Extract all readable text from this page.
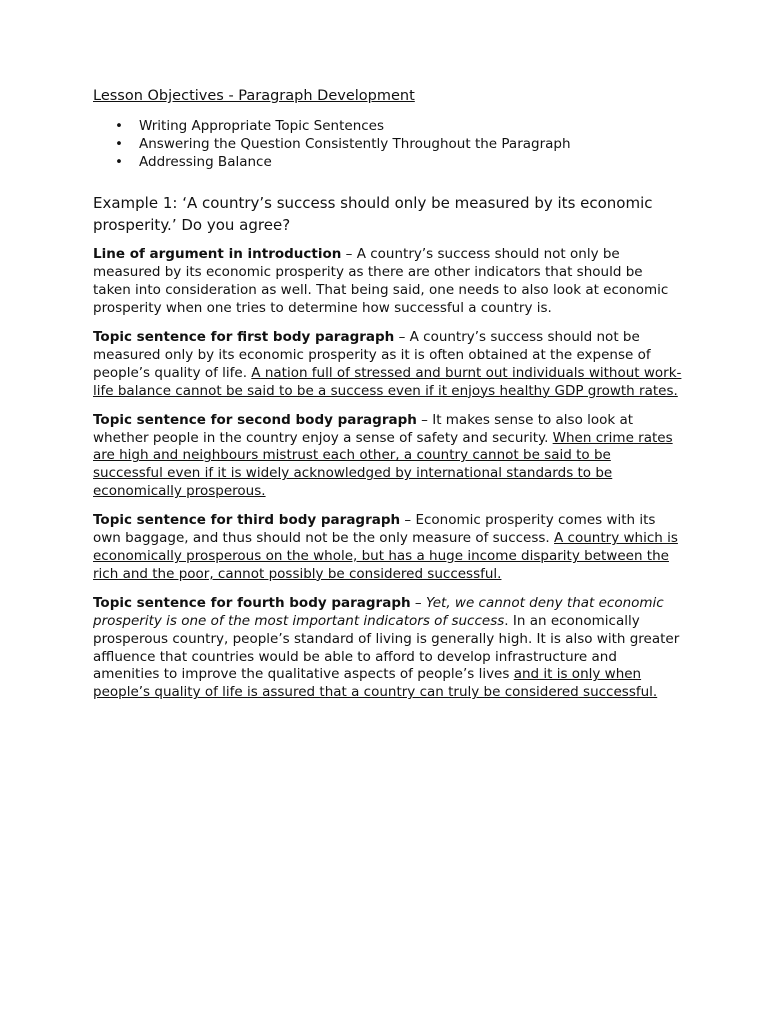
Lesson Objectives - Paragraph Development
• Writing Appropriate Topic Sentences
• Answering the Question Consistently Throughout the Paragraph
• Addressing Balance
Example 1: ‘A country’s success should only be measured by its economic prosperity.’ Do you agree?

Line of argument in introduction – A country’s success should not only be measured by its economic prosperity as there are other indicators that should be taken into consideration as well. That being said, one needs to also look at economic prosperity when one tries to determine how successful a country is.

Topic sentence for first body paragraph – A country’s success should not be measured only by its economic prosperity as it is often obtained at the expense of people’s quality of life. A nation full of stressed and burnt out individuals without work-life balance cannot be said to be a success even if it enjoys healthy GDP growth rates.

Topic sentence for second body paragraph – It makes sense to also look at whether people in the country enjoy a sense of safety and security. When crime rates are high and neighbours mistrust each other, a country cannot be said to be successful even if it is widely acknowledged by international standards to be economically prosperous.

Topic sentence for third body paragraph – Economic prosperity comes with its own baggage, and thus should not be the only measure of success. A country which is economically prosperous on the whole, but has a huge income disparity between the rich and the poor, cannot possibly be considered successful.

Topic sentence for fourth body paragraph – Yet, we cannot deny that economic prosperity is one of the most important indicators of success. In an economically prosperous country, people’s standard of living is generally high. It is also with greater affluence that countries would be able to afford to develop infrastructure and amenities to improve the qualitative aspects of people’s lives and it is only when people’s quality of life is assured that a country can truly be considered successful.
